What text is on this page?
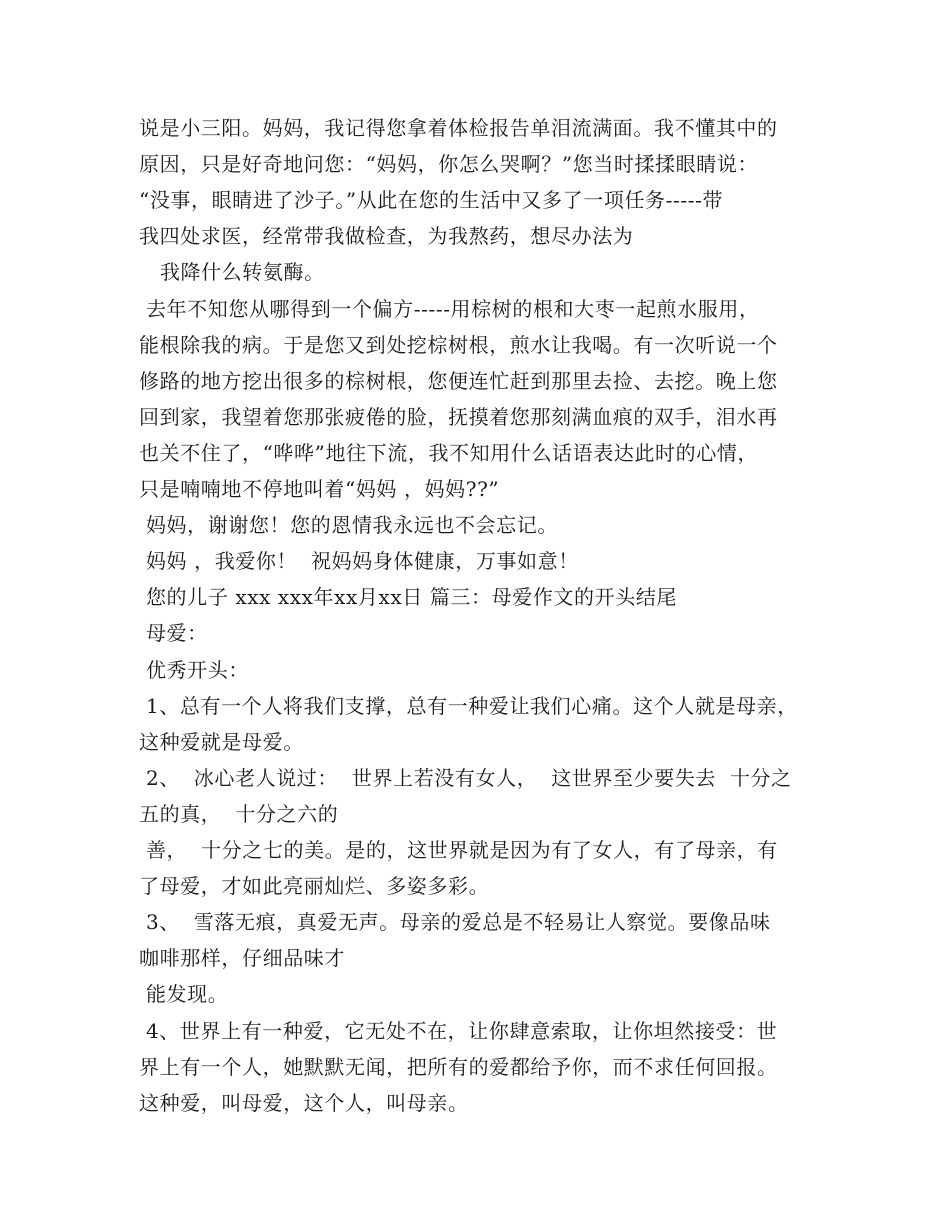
说是小三阳。妈妈，我记得您拿着体检报告单泪流满面。我不懂其中的
原因，只是好奇地问您：“妈妈，你怎么哭啊？”您当时揉揉眼睛说：
“没事，眼睛进了沙子。”从此在您的生活中又多了一项任务-----带
我四处求医，经常带我做检查，为我熬药，想尽办法为
我降什么转氨酶。
去年不知您从哪得到一个偏方-----用棕树的根和大枣一起煎水服用，
能根除我的病。于是您又到处挖棕树根，煎水让我喝。有一次听说一个
修路的地方挖出很多的棕树根，您便连忙赶到那里去捡、去挖。晚上您
回到家，我望着您那张疲倦的脸，抚摸着您那刻满血痕的双手，泪水再
也关不住了，“哗哗”地往下流，我不知用什么话语表达此时的心情，
只是喃喃地不停地叫着“妈妈 ，妈妈??”
妈妈，谢谢您！您的恩情我永远也不会忘记。
妈妈 ，我爱你！  祝妈妈身体健康，万事如意！
您的儿子 xxx xxx年xx月xx日 篇三：母爱作文的开头结尾
母爱：
优秀开头：
1、总有一个人将我们支撑，总有一种爱让我们心痛。这个人就是母亲，
这种爱就是母爱。
2、  冰心老人说过：  世界上若没有女人，  这世界至少要失去  十分之
五的真，  十分之六的
善，  十分之七的美。是的，这世界就是因为有了女人，有了母亲，有
了母爱，才如此亮丽灿烂、多姿多彩。
3、  雪落无痕，真爱无声。母亲的爱总是不轻易让人察觉。要像品味
咖啡那样，仔细品味才
能发现。
4、世界上有一种爱，它无处不在，让你肆意索取，让你坦然接受：世
界上有一个人，她默默无闻，把所有的爱都给予你，而不求任何回报。
这种爱，叫母爱，这个人，叫母亲。
